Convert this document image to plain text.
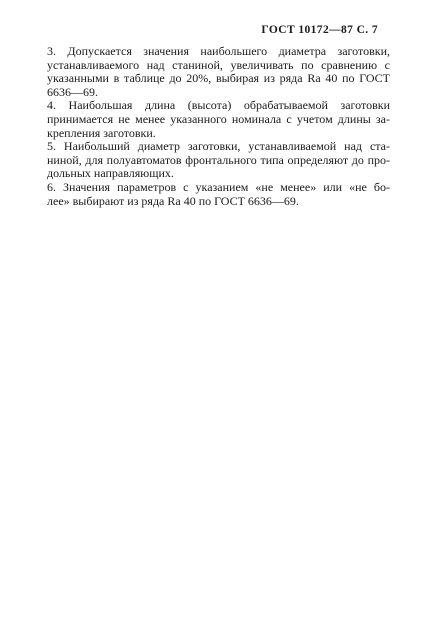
ГОСТ 10172—87 С. 7

3. Допускается значения наибольшего диаметра заготовки,
устанавливаемого над станиной, увеличивать по сравнению с
указанными в таблице до 20%, выбирая из ряда Ra 40 по ГОСТ
6636—69.

4. Наибольшая длина (высота) обрабатываемой заготовки
принимается не менее указанного номинала с учетом длины за-
крепления заготовки.

5. Наибольший диаметр заготовки, устанавливаемой над ста-
ниной, для полуавтоматов фронтального типа определяют до про-
дольных направляющих.

6. Значения параметров с указанием «не менее» или «не бо-
лее» выбирают из ряда Ra 40 по ГОСТ 6636—69.
